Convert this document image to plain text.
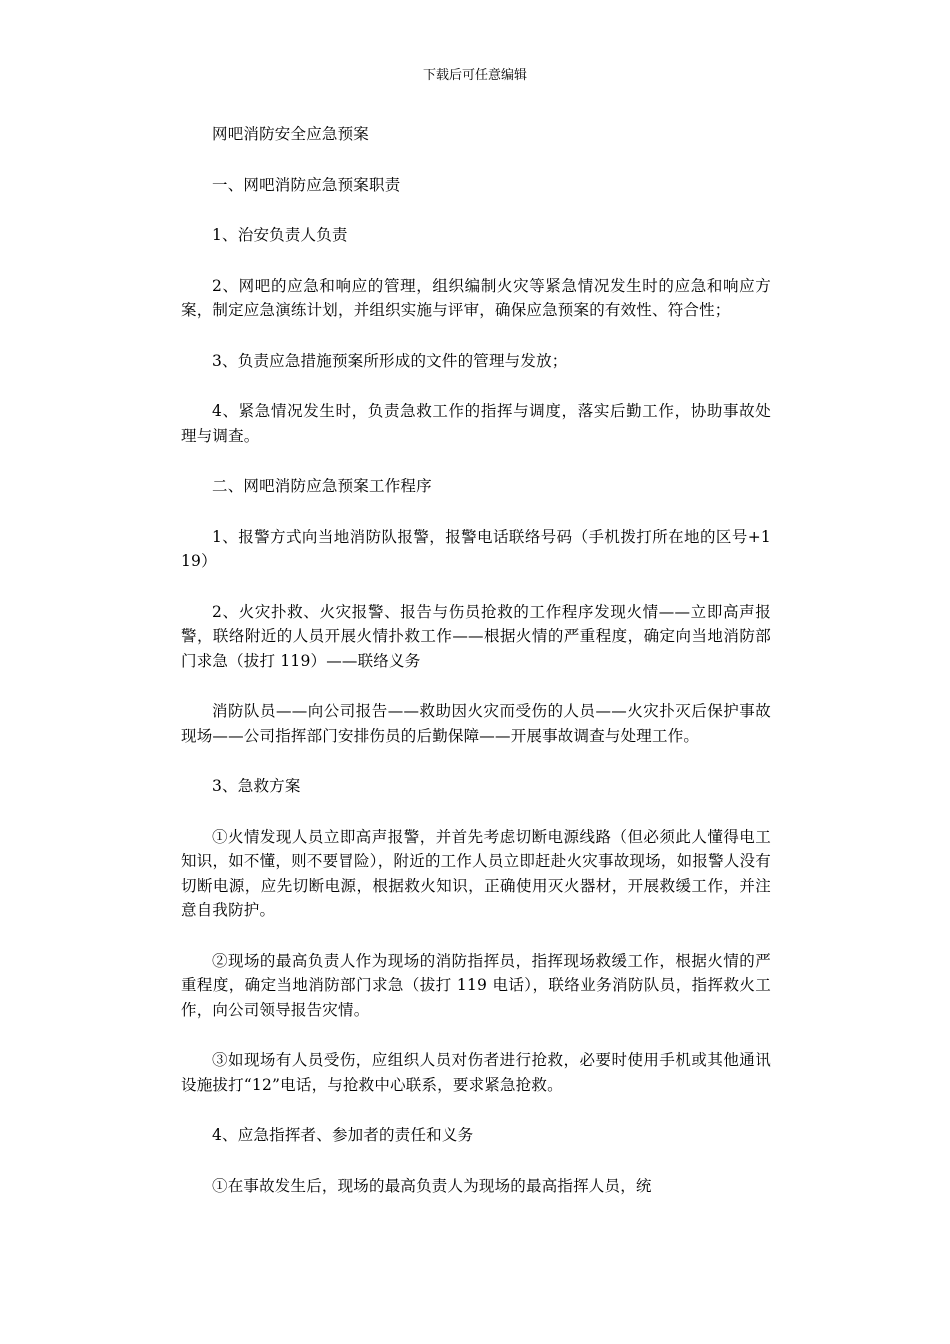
下载后可任意编辑

网吧消防安全应急预案

一、网吧消防应急预案职责

1、治安负责人负责

2、网吧的应急和响应的管理，组织编制火灾等紧急情况发生时的应急和响应方案，制定应急演练计划，并组织实施与评审，确保应急预案的有效性、符合性；

3、负责应急措施预案所形成的文件的管理与发放；

4、紧急情况发生时，负责急救工作的指挥与调度，落实后勤工作，协助事故处理与调查。

二、网吧消防应急预案工作程序

1、报警方式向当地消防队报警，报警电话联络号码（手机拨打所在地的区号+119）

2、火灾扑救、火灾报警、报告与伤员抢救的工作程序发现火情——立即高声报警，联络附近的人员开展火情扑救工作——根据火情的严重程度，确定向当地消防部门求急（拔打 119）——联络义务

消防队员——向公司报告——救助因火灾而受伤的人员——火灾扑灭后保护事故现场——公司指挥部门安排伤员的后勤保障——开展事故调查与处理工作。

3、急救方案

①火情发现人员立即高声报警，并首先考虑切断电源线路（但必须此人懂得电工知识，如不懂，则不要冒险），附近的工作人员立即赶赴火灾事故现场，如报警人没有切断电源，应先切断电源，根据救火知识，正确使用灭火器材，开展救缓工作，并注意自我防护。

②现场的最高负责人作为现场的消防指挥员，指挥现场救缓工作，根据火情的严重程度，确定当地消防部门求急（拔打 119 电话），联络业务消防队员，指挥救火工作，向公司领导报告灾情。

③如现场有人员受伤，应组织人员对伤者进行抢救，必要时使用手机或其他通讯设施拔打“12”电话，与抢救中心联系，要求紧急抢救。

4、应急指挥者、参加者的责任和义务

①在事故发生后，现场的最高负责人为现场的最高指挥人员，统
